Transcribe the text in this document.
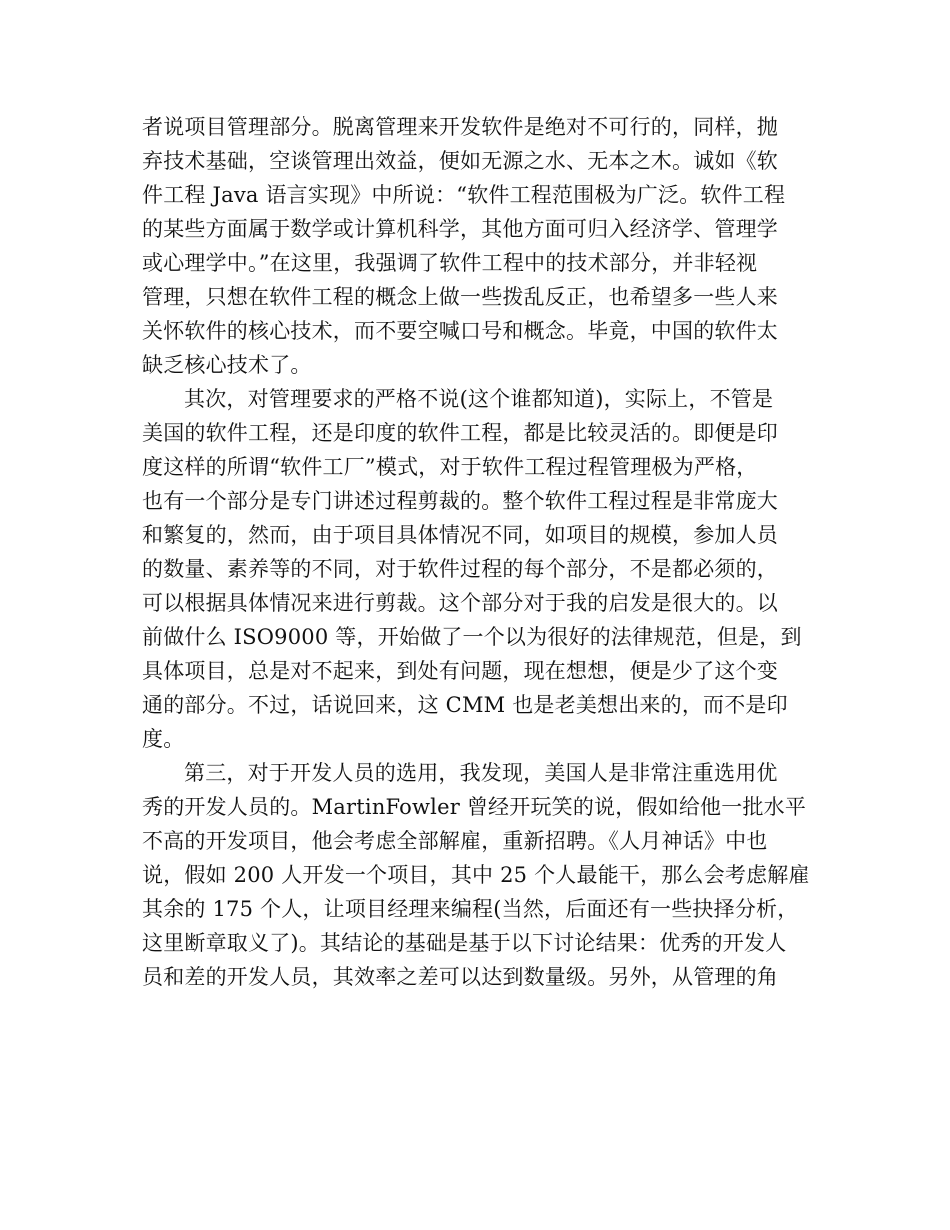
者说项目管理部分。脱离管理来开发软件是绝对不可行的，同样，抛
弃技术基础，空谈管理出效益，便如无源之水、无本之木。诚如《软
件工程 Java 语言实现》中所说：“软件工程范围极为广泛。软件工程
的某些方面属于数学或计算机科学，其他方面可归入经济学、管理学
或心理学中。”在这里，我强调了软件工程中的技术部分，并非轻视
管理，只想在软件工程的概念上做一些拨乱反正，也希望多一些人来
关怀软件的核心技术，而不要空喊口号和概念。毕竟，中国的软件太
缺乏核心技术了。

其次，对管理要求的严格不说(这个谁都知道)，实际上，不管是
美国的软件工程，还是印度的软件工程，都是比较灵活的。即便是印
度这样的所谓“软件工厂”模式，对于软件工程过程管理极为严格，
也有一个部分是专门讲述过程剪裁的。整个软件工程过程是非常庞大
和繁复的，然而，由于项目具体情况不同，如项目的规模，参加人员
的数量、素养等的不同，对于软件过程的每个部分，不是都必须的，
可以根据具体情况来进行剪裁。这个部分对于我的启发是很大的。以
前做什么 ISO9000 等，开始做了一个以为很好的法律规范，但是，到
具体项目，总是对不起来，到处有问题，现在想想，便是少了这个变
通的部分。不过，话说回来，这 CMM 也是老美想出来的，而不是印
度。

第三，对于开发人员的选用，我发现，美国人是非常注重选用优
秀的开发人员的。MartinFowler 曾经开玩笑的说，假如给他一批水平
不高的开发项目，他会考虑全部解雇，重新招聘。《人月神话》中也
说，假如 200 人开发一个项目，其中 25 个人最能干，那么会考虑解雇
其余的 175 个人，让项目经理来编程(当然，后面还有一些抉择分析，
这里断章取义了)。其结论的基础是基于以下讨论结果：优秀的开发人
员和差的开发人员，其效率之差可以达到数量级。另外，从管理的角
